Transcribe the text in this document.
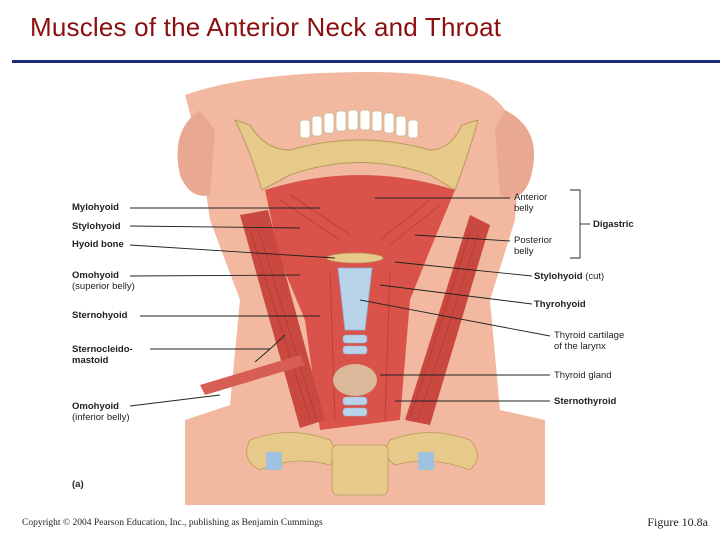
Muscles of the Anterior Neck and Throat
Mylohyoid
Stylohyoid
Hyoid bone
Omohyoid
(superior belly)
Sternohyoid
Sternocleido-
mastoid
Omohyoid
(inferior belly)
(a)
Anterior
belly
Posterior
belly
Digastric
Stylohyoid (cut)
Thyrohyoid
Thyroid cartilage
of the larynx
Thyroid gland
Sternothyroid
Copyright © 2004 Pearson Education, Inc., publishing as Benjamin Cummings	Figure 10.8a
